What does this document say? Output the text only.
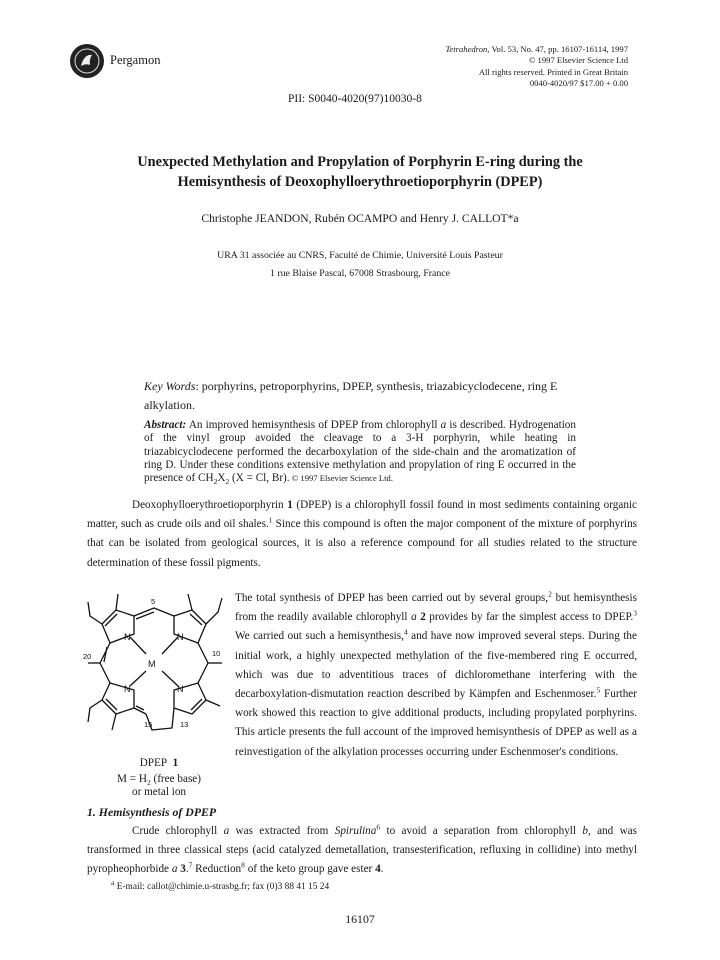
Pergamon
Tetrahedron, Vol. 53, No. 47, pp. 16107-16114, 1997
© 1997 Elsevier Science Ltd
All rights reserved. Printed in Great Britain
0040-4020/97 $17.00 + 0.00
PII: S0040-4020(97)10030-8
Unexpected Methylation and Propylation of Porphyrin E-ring during the
Hemisynthesis of Deoxophylloerythroetioporphyrin (DPEP)
Christophe JEANDON, Rubén OCAMPO and Henry J. CALLOT*a
URA 31 associée au CNRS, Faculté de Chimie, Université Louis Pasteur
1 rue Blaise Pascal, 67008 Strasbourg, France
Key Words: porphyrins, petroporphyrins, DPEP, synthesis, triazabicyclodecene, ring E alkylation.
Abstract: An improved hemisynthesis of DPEP from chlorophyll a is described. Hydrogenation of the vinyl group avoided the cleavage to a 3-H porphyrin, while heating in triazabicyclodecene performed the decarboxylation of the side-chain and the aromatization of ring D. Under these conditions extensive methylation and propylation of ring E occurred in the presence of $CH_2X_2$ (X = Cl, Br). © 1997 Elsevier Science Ltd.
Deoxophylloerythroetioporphyrin 1 (DPEP) is a chlorophyll fossil found in most sediments containing organic matter, such as crude oils and oil shales.$^1$ Since this compound is often the major component of the mixture of porphyrins that can be isolated from geological sources, it is also a reference compound for all studies related to the structure determination of these fossil pigments.
5
10
20
15	13
N	N
N	N
M
DPEP 1
$M = H_2$ (free base)
or metal ion
The total synthesis of DPEP has been carried out by several groups,$^2$ but hemisynthesis from the readily available chlorophyll a 2 provides by far the simplest access to DPEP.$^3$ We carried out such a hemisynthesis,$^4$ and have now improved several steps. During the initial work, a highly unexpected methylation of the five-membered ring E occurred, which was due to adventitious traces of dichloromethane interfering with the decarboxylation-dismutation reaction described by Kämpfen and Eschenmoser.$^5$ Further work showed this reaction to give additional products, including propylated porphyrins. This article presents the full account of the improved hemisynthesis of DPEP as well as a reinvestigation of the alkylation processes occurring under Eschenmoser's conditions.
1. Hemisynthesis of DPEP
Crude chlorophyll a was extracted from Spirulina$^6$ to avoid a separation from chlorophyll b, and was transformed in three classical steps (acid catalyzed demetallation, transesterification, refluxing in collidine) into methyl pyropheophorbide a 3.$^7$ Reduction$^8$ of the keto group gave ester 4.
$^a$ E-mail: callot@chimie.u-strasbg.fr; fax (0)3 88 41 15 24
16107
